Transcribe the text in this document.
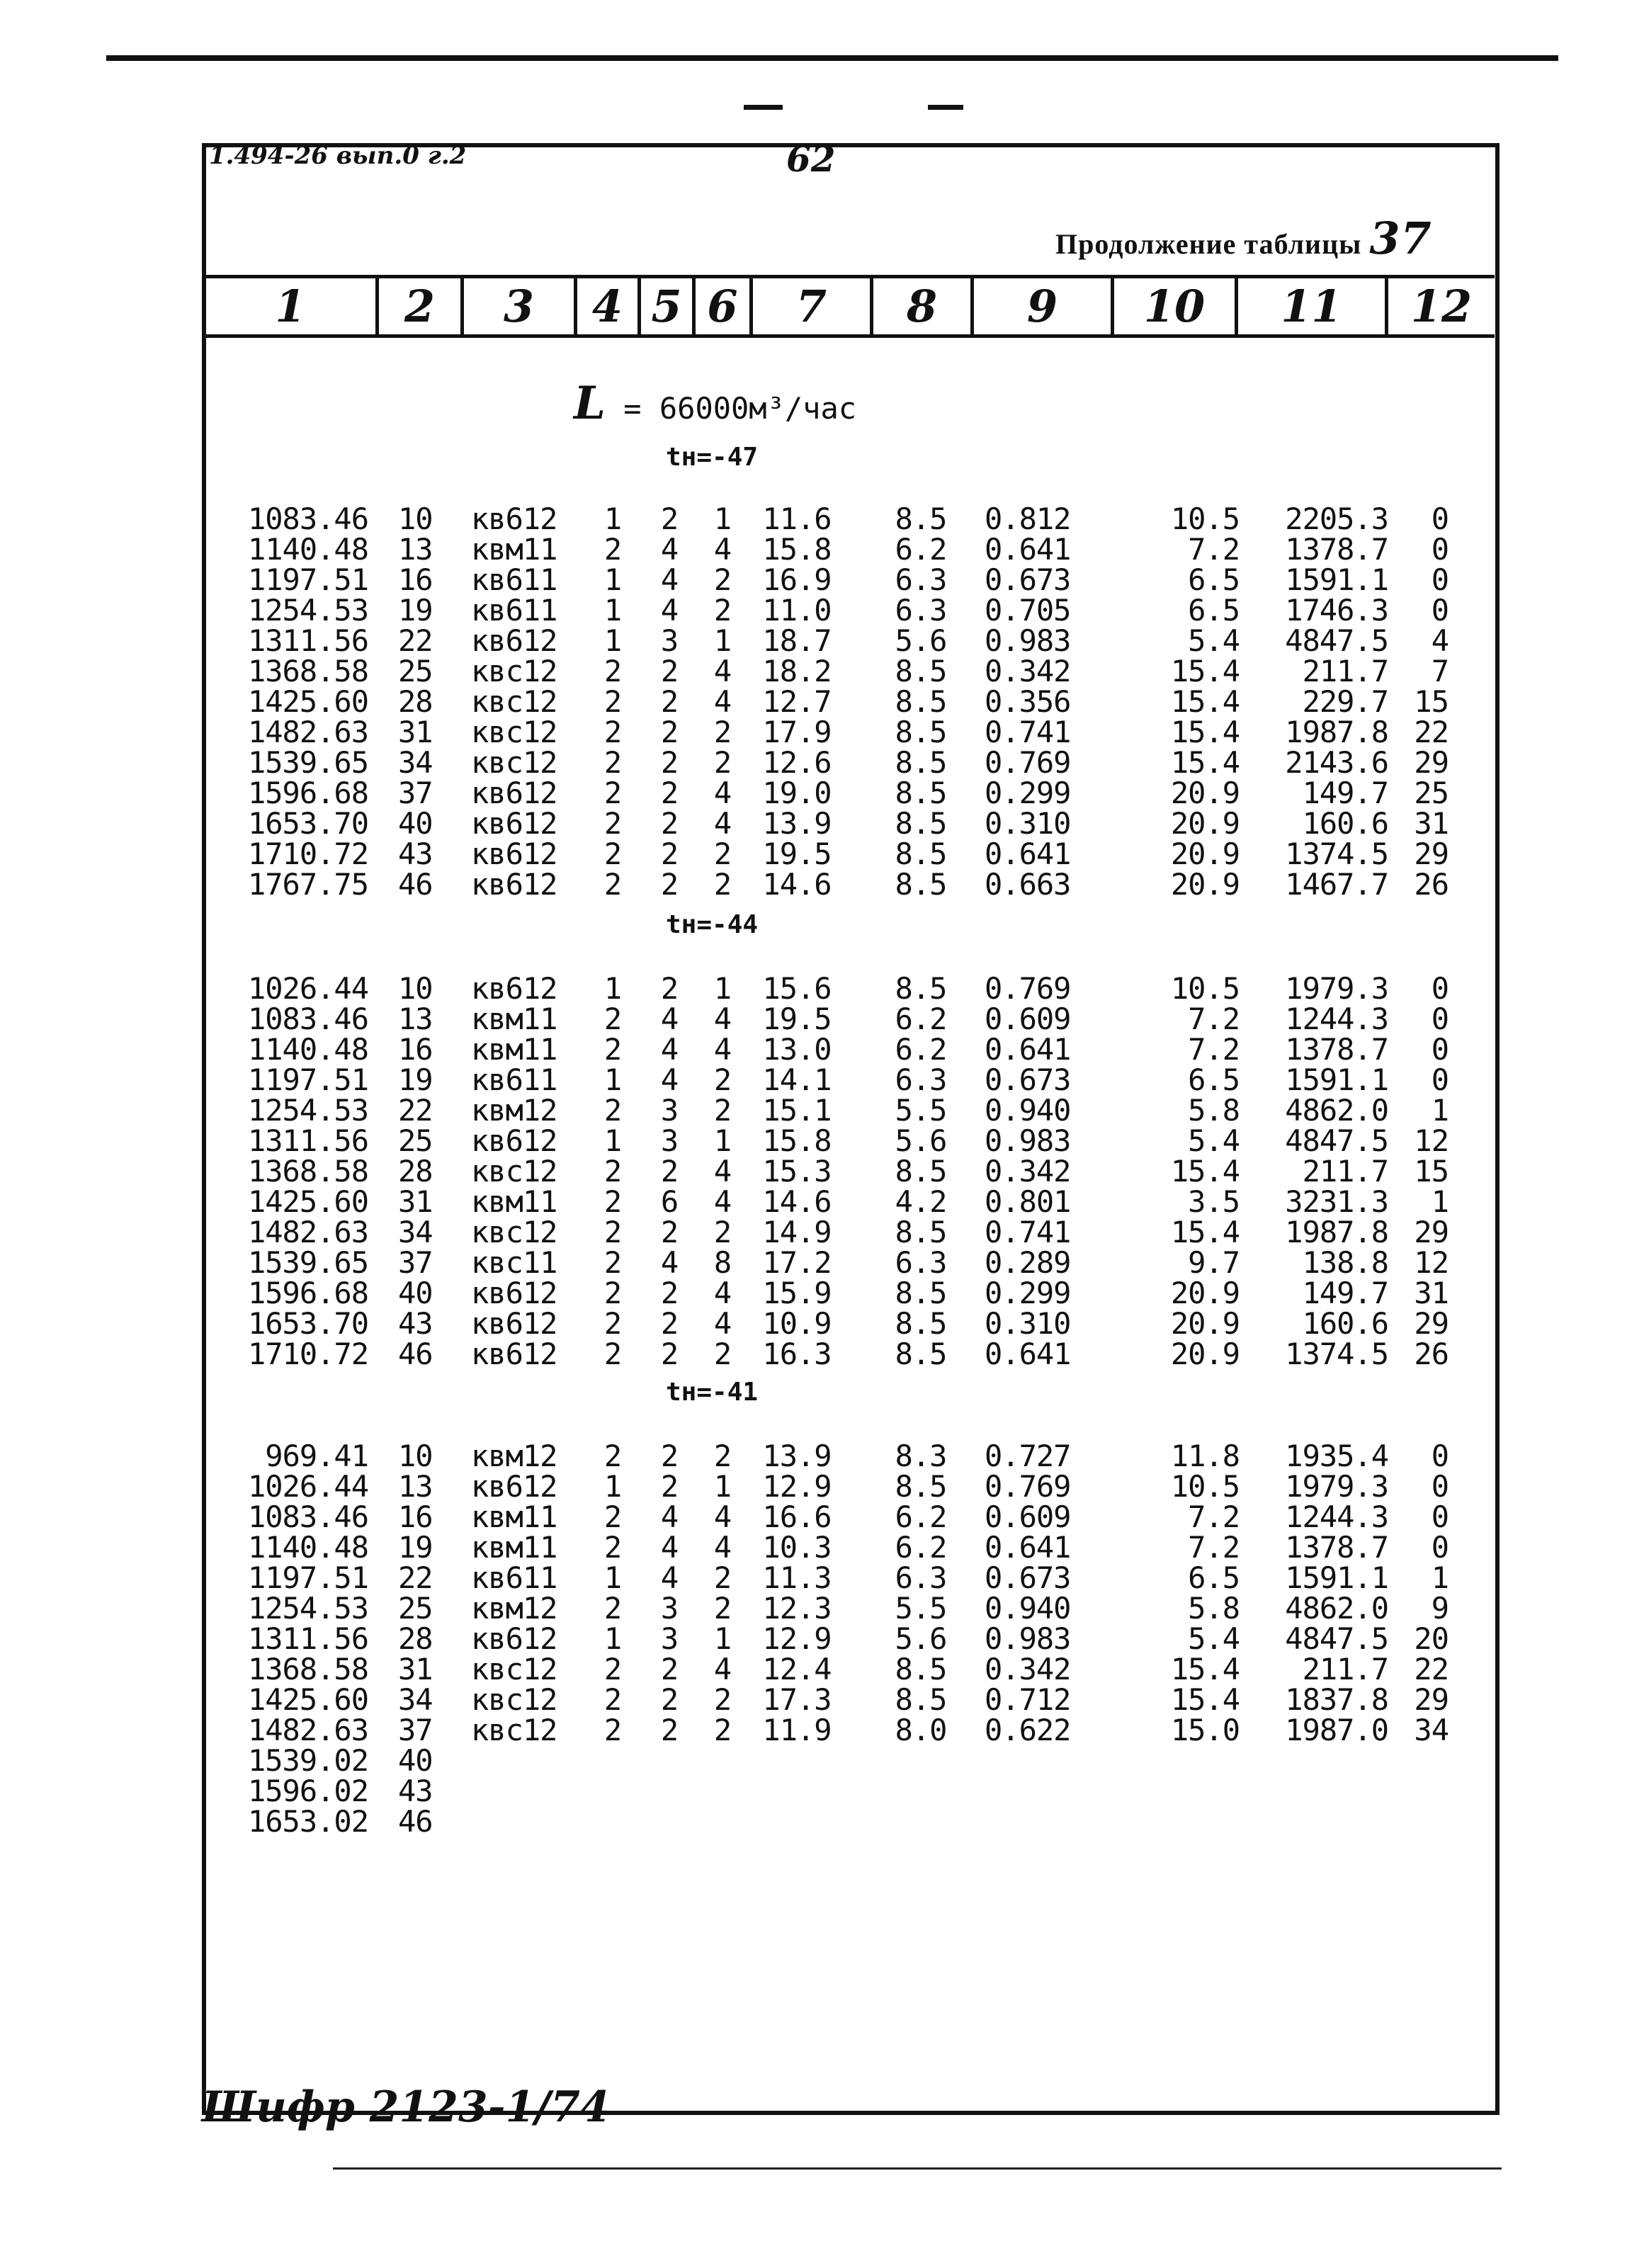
1.494-26 вып.0 г.2	62
Продолжение таблицы 37
1	2	3	4 5 6	7	8	9	10	11	12
L = 66000м³/час
tн=-47
tн=-44
tн=-41
1083.46 10	кв612	1 2 1 11.6 8.5 0.812	10.5	2205.3	0
1140.48 13	квм11	2 4 4 15.8 6.2 0.641	7.2	1378.7	0
1197.51 16	кв611	1 4 2 16.9 6.3 0.673	6.5	1591.1	0
1254.53 19	кв611	1 4 2 11.0 6.3 0.705	6.5	1746.3	0
1311.56 22	кв612	1 3 1 18.7 5.6 0.983	5.4	4847.5	4
1368.58 25	квс12	2 2 4 18.2 8.5 0.342	15.4	211.7	7
1425.60 28	квс12	2 2 4 12.7 8.5 0.356	15.4	229.7 15
1482.63 31	квс12	2 2 2 17.9 8.5 0.741	15.4	1987.8 22
1539.65 34	квс12	2 2 2 12.6 8.5 0.769	15.4	2143.6 29
1596.68 37	кв612	2 2 4 19.0 8.5 0.299	20.9	149.7 25
1653.70 40	кв612	2 2 4 13.9 8.5 0.310	20.9	160.6 31
1710.72 43	кв612	2 2 2 19.5 8.5 0.641	20.9	1374.5 29
1767.75 46	кв612	2 2 2 14.6 8.5 0.663	20.9	1467.7 26
1026.44 10	кв612	1 2 1 15.6 8.5 0.769	10.5	1979.3	0
1083.46 13	квм11	2 4 4 19.5 6.2 0.609	7.2	1244.3	0
1140.48 16	квм11	2 4 4 13.0 6.2 0.641	7.2	1378.7	0
1197.51 19	кв611	1 4 2 14.1 6.3 0.673	6.5	1591.1	0
1254.53 22	квм12	2 3 2 15.1 5.5 0.940	5.8	4862.0	1
1311.56 25	кв612	1 3 1 15.8 5.6 0.983	5.4	4847.5 12
1368.58 28	квс12	2 2 4 15.3 8.5 0.342	15.4	211.7 15
1425.60 31	квм11	2 6 4 14.6 4.2 0.801	3.5	3231.3	1
1482.63 34	квс12	2 2 2 14.9 8.5 0.741	15.4	1987.8 29
1539.65 37	квс11	2 4 8 17.2 6.3 0.289	9.7	138.8 12
1596.68 40	кв612	2 2 4 15.9 8.5 0.299	20.9	149.7 31
1653.70 43	кв612	2 2 4 10.9 8.5 0.310	20.9	160.6 29
1710.72 46	кв612	2 2 2 16.3 8.5 0.641	20.9	1374.5 26
969.41 10	квм12	2 2 2 13.9 8.3 0.727	11.8	1935.4	0
1026.44 13	кв612	1 2 1 12.9 8.5 0.769	10.5	1979.3	0
1083.46 16	квм11	2 4 4 16.6 6.2 0.609	7.2	1244.3	0
1140.48 19	квм11	2 4 4 10.3 6.2 0.641	7.2	1378.7	0
1197.51 22	кв611	1 4 2 11.3 6.3 0.673	6.5	1591.1	1
1254.53 25	квм12	2 3 2 12.3 5.5 0.940	5.8	4862.0	9
1311.56 28	кв612	1 3 1 12.9 5.6 0.983	5.4	4847.5 20
1368.58 31	квс12	2 2 4 12.4 8.5 0.342	15.4	211.7 22
1425.60 34	квс12	2 2 2 17.3 8.5 0.712	15.4	1837.8 29
1482.63 37	квс12	2 2 2 11.9 8.0 0.622	15.0	1987.0 34
1539.02 40
1596.02 43
1653.02 46
Шифр 2123-1/74
